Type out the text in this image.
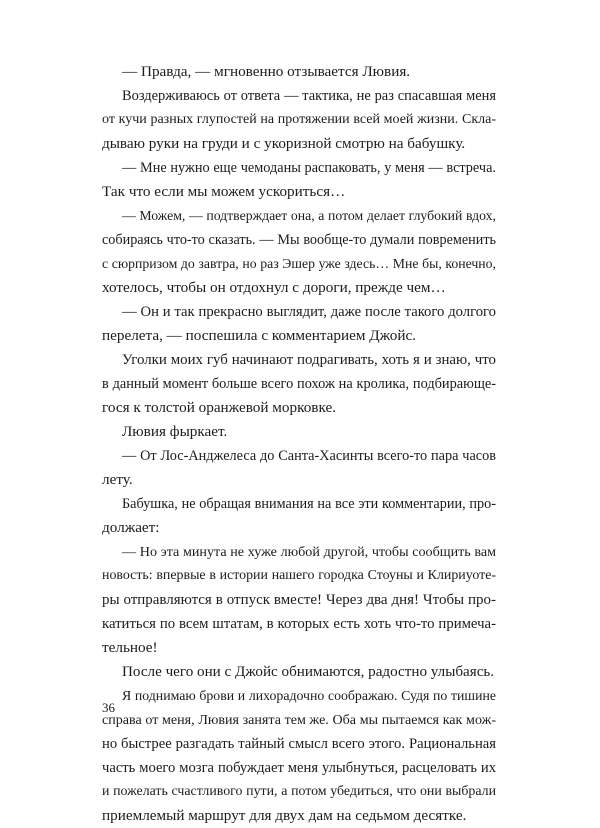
— Правда, — мгновенно отзывается Лювия.
Воздерживаюсь от ответа — тактика, не раз спасавшая меня
от кучи разных глупостей на протяжении всей моей жизни. Скла-
дываю руки на груди и с укоризной смотрю на бабушку.
— Мне нужно еще чемоданы распаковать, у меня — встреча.
Так что если мы можем ускориться…
— Можем, — подтверждает она, а потом делает глубокий вдох,
собираясь что-то сказать. — Мы вообще-то думали повременить
с сюрпризом до завтра, но раз Эшер уже здесь… Мне бы, конечно,
хотелось, чтобы он отдохнул с дороги, прежде чем…
— Он и так прекрасно выглядит, даже после такого долгого
перелета, — поспешила с комментарием Джойс.
Уголки моих губ начинают подрагивать, хоть я и знаю, что
в данный момент больше всего похож на кролика, подбирающе-
гося к толстой оранжевой морковке.
Лювия фыркает.
— От Лос-Анджелеса до Санта-Хасинты всего-то пара часов
лету.
Бабушка, не обращая внимания на все эти комментарии, про-
должает:
— Но эта минута не хуже любой другой, чтобы сообщить вам
новость: впервые в истории нашего городка Стоуны и Клириуоте-
ры отправляются в отпуск вместе! Через два дня! Чтобы про-
катиться по всем штатам, в которых есть хоть что-то примеча-
тельное!
После чего они с Джойс обнимаются, радостно улыбаясь.
Я поднимаю брови и лихорадочно соображаю. Судя по тишине
справа от меня, Лювия занята тем же. Оба мы пытаемся как мож-
но быстрее разгадать тайный смысл всего этого. Рациональная
часть моего мозга побуждает меня улыбнуться, расцеловать их
и пожелать счастливого пути, а потом убедиться, что они выбрали
приемлемый маршрут для двух дам на седьмом десятке.
36
